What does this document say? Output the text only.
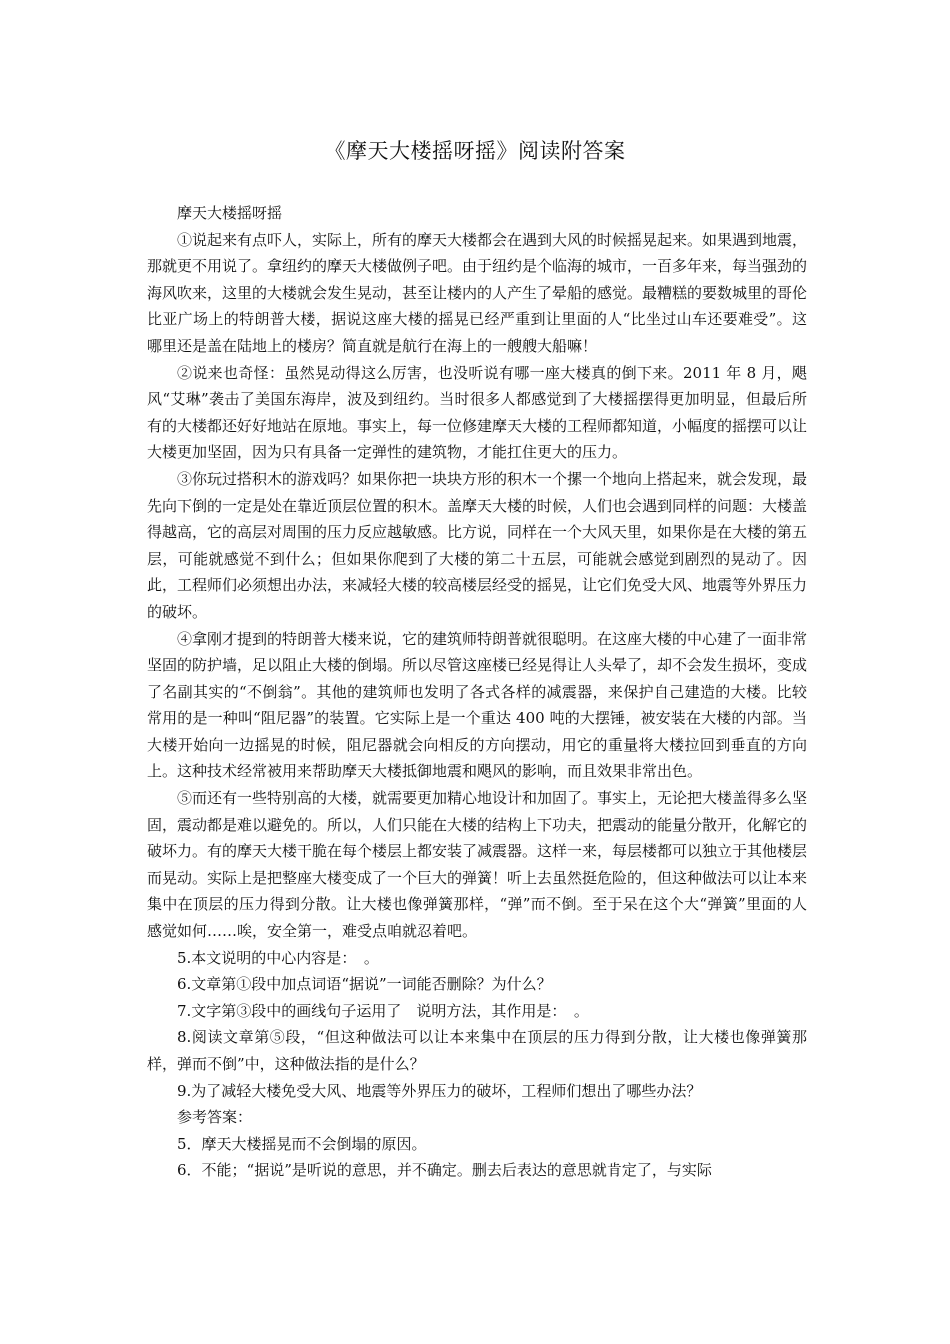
《摩天大楼摇呀摇》阅读附答案

摩天大楼摇呀摇

①说起来有点吓人，实际上，所有的摩天大楼都会在遇到大风的时候摇晃起来。如果遇到地震，那就更不用说了。拿纽约的摩天大楼做例子吧。由于纽约是个临海的城市，一百多年来，每当强劲的海风吹来，这里的大楼就会发生晃动，甚至让楼内的人产生了晕船的感觉。最糟糕的要数城里的哥伦比亚广场上的特朗普大楼，据说这座大楼的摇晃已经严重到让里面的人“比坐过山车还要难受”。这哪里还是盖在陆地上的楼房？简直就是航行在海上的一艘艘大船嘛！

②说来也奇怪：虽然晃动得这么厉害，也没听说有哪一座大楼真的倒下来。2011 年 8 月，飓风“艾琳”袭击了美国东海岸，波及到纽约。当时很多人都感觉到了大楼摇摆得更加明显，但最后所有的大楼都还好好地站在原地。事实上，每一位修建摩天大楼的工程师都知道，小幅度的摇摆可以让大楼更加坚固，因为只有具备一定弹性的建筑物，才能扛住更大的压力。

③你玩过搭积木的游戏吗？如果你把一块块方形的积木一个摞一个地向上搭起来，就会发现，最先向下倒的一定是处在靠近顶层位置的积木。盖摩天大楼的时候，人们也会遇到同样的问题：大楼盖得越高，它的高层对周围的压力反应越敏感。比方说，同样在一个大风天里，如果你是在大楼的第五层，可能就感觉不到什么；但如果你爬到了大楼的第二十五层，可能就会感觉到剧烈的晃动了。因此，工程师们必须想出办法，来减轻大楼的较高楼层经受的摇晃，让它们免受大风、地震等外界压力的破坏。

④拿刚才提到的特朗普大楼来说，它的建筑师特朗普就很聪明。在这座大楼的中心建了一面非常坚固的防护墙，足以阻止大楼的倒塌。所以尽管这座楼已经晃得让人头晕了，却不会发生损坏，变成了名副其实的“不倒翁”。其他的建筑师也发明了各式各样的减震器，来保护自己建造的大楼。比较常用的是一种叫“阻尼器”的装置。它实际上是一个重达 400 吨的大摆锤，被安装在大楼的内部。当大楼开始向一边摇晃的时候，阻尼器就会向相反的方向摆动，用它的重量将大楼拉回到垂直的方向上。这种技术经常被用来帮助摩天大楼抵御地震和飓风的影响，而且效果非常出色。

⑤而还有一些特别高的大楼，就需要更加精心地设计和加固了。事实上，无论把大楼盖得多么坚固，震动都是难以避免的。所以，人们只能在大楼的结构上下功夫，把震动的能量分散开，化解它的破坏力。有的摩天大楼干脆在每个楼层上都安装了减震器。这样一来，每层楼都可以独立于其他楼层而晃动。实际上是把整座大楼变成了一个巨大的弹簧！听上去虽然挺危险的，但这种做法可以让本来集中在顶层的压力得到分散。让大楼也像弹簧那样，“弹”而不倒。至于呆在这个大“弹簧”里面的人感觉如何……唉，安全第一，难受点咱就忍着吧。

5.本文说明的中心内容是：　。

6.文章第①段中加点词语“据说”一词能否删除？为什么？

7.文字第③段中的画线句子运用了　说明方法，其作用是：　。

8.阅读文章第⑤段，“但这种做法可以让本来集中在顶层的压力得到分散，让大楼也像弹簧那样，弹而不倒”中，这种做法指的是什么？

9.为了减轻大楼免受大风、地震等外界压力的破坏，工程师们想出了哪些办法？

参考答案：

5．摩天大楼摇晃而不会倒塌的原因。

6．不能；“据说”是听说的意思，并不确定。删去后表达的意思就肯定了，与实际
